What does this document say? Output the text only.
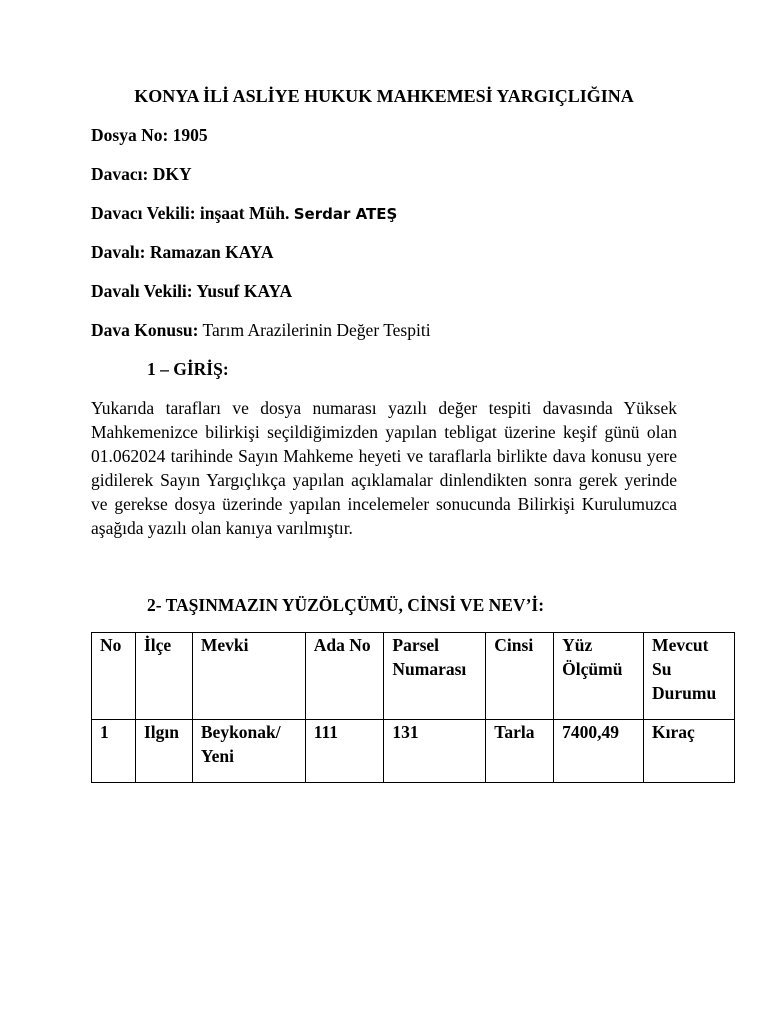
KONYA İLİ ASLİYE HUKUK MAHKEMESİ YARGIÇLIĞINA
Dosya No: 1905
Davacı: DKY
Davacı Vekili: inşaat Müh. Serdar ATEŞ
Davalı: Ramazan KAYA
Davalı Vekili: Yusuf KAYA
Dava Konusu: Tarım Arazilerinin Değer Tespiti
1 – GİRİŞ:
Yukarıda tarafları ve dosya numarası yazılı değer tespiti davasında Yüksek Mahkemenizce bilirkişi seçildiğimizden yapılan tebligat üzerine keşif günü olan 01.062024 tarihinde Sayın Mahkeme heyeti ve taraflarla birlikte dava konusu yere gidilerek Sayın Yargıçlıkça yapılan açıklamalar dinlendikten sonra gerek yerinde ve gerekse dosya üzerinde yapılan incelemeler sonucunda Bilirkişi Kurulumuzca aşağıda yazılı olan kanıya varılmıştır.
2- TAŞINMAZIN YÜZÖLÇÜMÜ, CİNSİ VE NEV’İ:
No	İlçe	Mevki	Ada No	Parsel Numarası	Cinsi	Yüz Ölçümü	Mevcut Su Durumu
1	Ilgın	Beykonak/ Yeni	111	131	Tarla	7400,49	Kıraç
